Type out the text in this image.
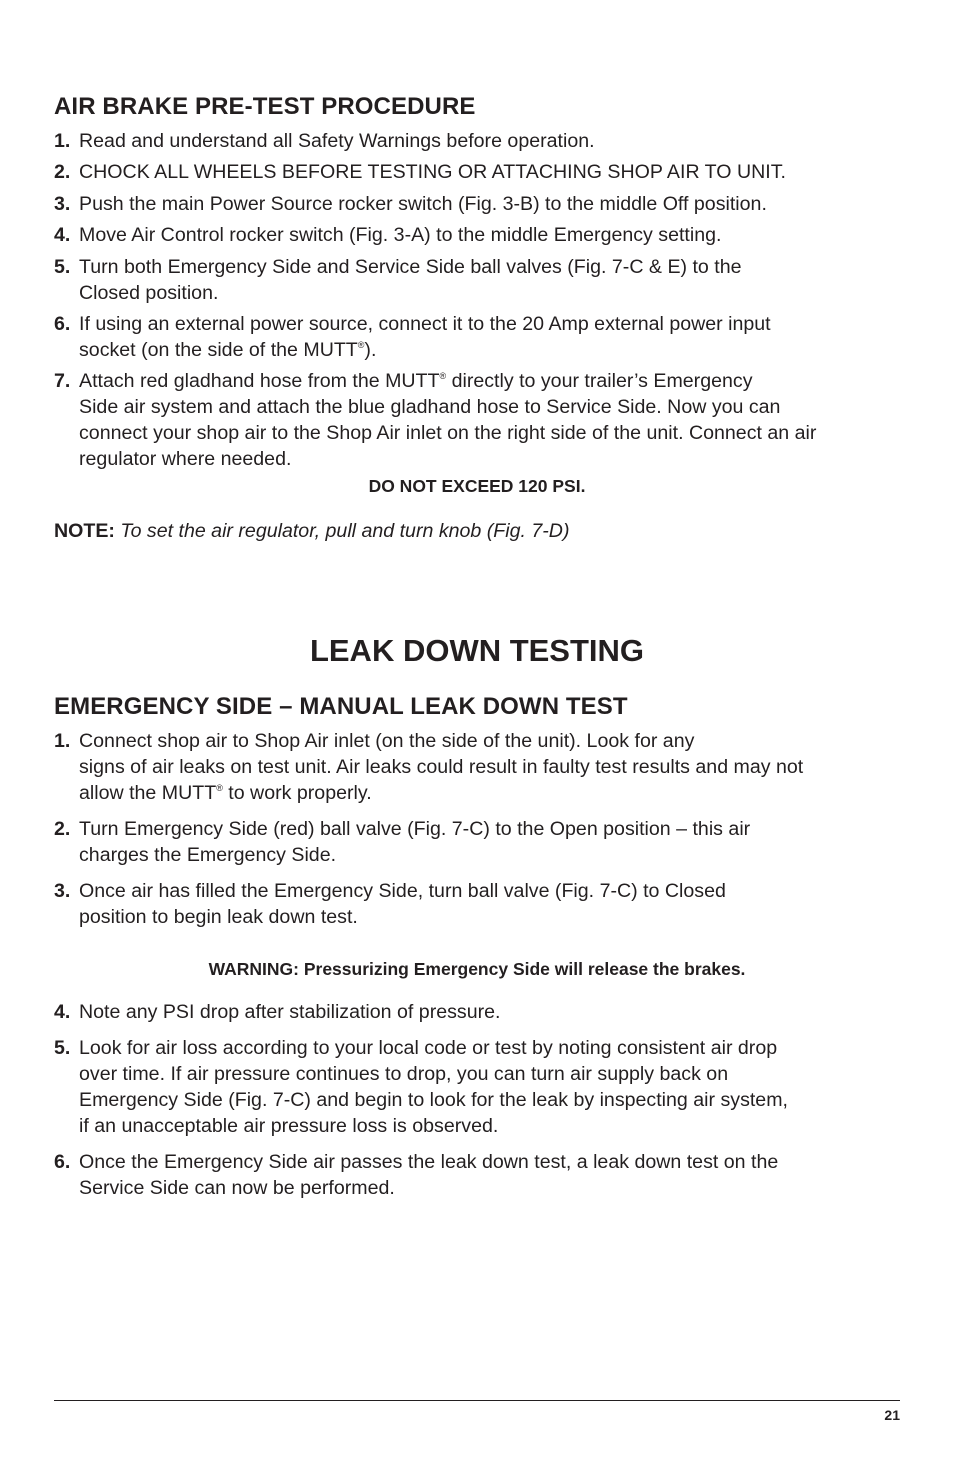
AIR BRAKE PRE-TEST PROCEDURE
1. Read and understand all Safety Warnings before operation.
2. CHOCK ALL WHEELS BEFORE TESTING OR ATTACHING SHOP AIR TO UNIT.
3. Push the main Power Source rocker switch (Fig. 3-B) to the middle Off position.
4. Move Air Control rocker switch (Fig. 3-A) to the middle Emergency setting.
5. Turn both Emergency Side and Service Side ball valves (Fig. 7-C & E) to the
Closed position.
6. If using an external power source, connect it to the 20 Amp external power input
socket (on the side of the MUTT®).
7. Attach red gladhand hose from the MUTT® directly to your trailer’s Emergency
Side air system and attach the blue gladhand hose to Service Side. Now you can
connect your shop air to the Shop Air inlet on the right side of the unit. Connect an air
regulator where needed.
DO NOT EXCEED 120 PSI.
NOTE: To set the air regulator, pull and turn knob (Fig. 7-D)
LEAK DOWN TESTING
EMERGENCY SIDE – MANUAL LEAK DOWN TEST
1. Connect shop air to Shop Air inlet (on the side of the unit). Look for any
signs of air leaks on test unit. Air leaks could result in faulty test results and may not
allow the MUTT® to work properly.
2. Turn Emergency Side (red) ball valve (Fig. 7-C) to the Open position – this air
charges the Emergency Side.
3. Once air has filled the Emergency Side, turn ball valve (Fig. 7-C) to Closed
position to begin leak down test.
WARNING: Pressurizing Emergency Side will release the brakes.
4. Note any PSI drop after stabilization of pressure.
5. Look for air loss according to your local code or test by noting consistent air drop
over time. If air pressure continues to drop, you can turn air supply back on
Emergency Side (Fig. 7-C) and begin to look for the leak by inspecting air system,
if an unacceptable air pressure loss is observed.
6. Once the Emergency Side air passes the leak down test, a leak down test on the
Service Side can now be performed.
21
